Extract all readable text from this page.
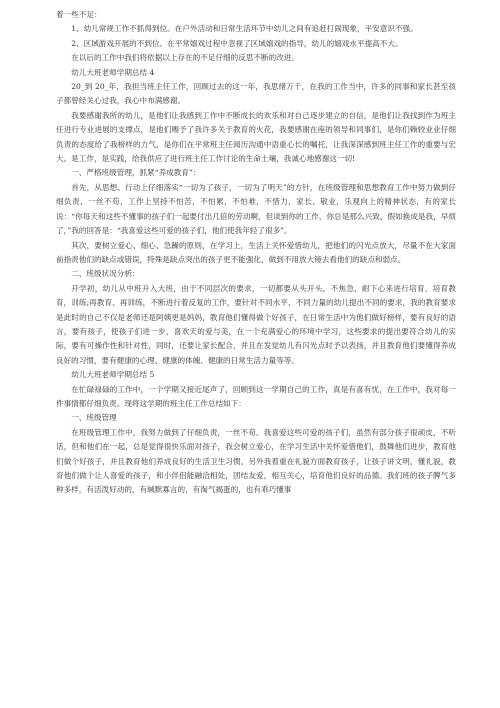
着一些不足：

1、幼儿常规工作不抓得到位。在户外活动和日常生活环节中幼儿之间有追赶打闹现象，平安意识不强。

2、区域游戏开展的不到位。在平常嬉戏过程中忽视了区域嬉戏的指导，幼儿的嬉戏水平提高不大。

在以后的工作中我们将依据以上存在的不足仔细的反思不断的改进。

幼儿大班老师学期总结 4

20_到 20_年，我担当班主任工作，回顾过去的这一年，我思绪万千，在我的工作当中，许多的同事和家长甚至孩子都曾经关心过我，我心中布满感谢。

我要感谢我所的幼儿，是他们让我感到工作中不断成长的欢乐和对自己逐步建立的自信，是他们让我找到作为班主任进行专业进展的支撑点，是他们赐予了我许多关于教育的火花，我要感谢在座的领导和同事们，是你们赖较业业仔细负责的态度给了我榜样的力气，是你们在平常班主任阅历沟通中语重心长的嘱托，让我深深感到班主任工作的重要与宏大。是工作，是实践，给我供应了进行班主任工作讨论的生命土壤，我诚心地感谢这一切!

一、严格班级管理，抓紧“养成教育”：

首先，从思想、行动上仔细落实“一切为了孩子，一切为了明天”的方针，在班级管理和思想教育工作中努力做到仔细负责、一丝不苟，工作上坚持不怕苦，不怕累，不怕难，不惜力，家长、敬业，乐观向上的精神状态，有的家长说：“你每天和这些不懂事的孩子们一起要付出几倍的劳动啊，但谈到你的工作，你总是那么兴致，假如换成是我，早烦了，”我的回答是：“我喜爱这些可爱的孩子们，他们使我年轻了很多”。

其次，要树立爱心、细心、急躁的原则，在学习上，生活上关怀爱惜幼儿，把他们的闪光点放大，尽量不在大家面前指责他们的缺点或错误，特殊是缺点突出的孩子更不能强化，做到不用放大镜去看他们的缺点和弱点。

二、班级状况分析：

开学初，幼儿从中班升入大班，由于不同层次的要求，一切都要从头开头，不焦急，耐下心来进行培育，培育教育，训练;再教育、再训练，不断进行着反复的工作，要针对不同水平、不同力量的幼儿提出不同的要求，我的教育要求是此时的自己不仅是老师还是阿姨更是妈妈，教育他们懂得做个好孩子，在日常生活中为他们做好榜样，要有良好的语言，要有孩子，使孩子们进一步，喜欢天的爱与美，在一个充满爱心的环境中学习，这些要求的提出要符合幼儿的实际，要有可操作性和针对性，同时，还要让家长配合，并且在发觉幼儿有闪光点时予以表扬，并且教育他们要懂得养成良好的习惯，要有健康的心理、健康的体魄、健康的日常生活力量等等。

幼儿大班老师学期总结 5

在忙碌禄碌的工作中，一个学期又接近尾声了，回顾到这一学期自己的工作，真是有喜有忧，在工作中，我对每一件事情都仔细负责。现将这学期的班主任工作总结如下：

一、班级管理

在班级管理工作中，我努力做到了仔细负责，一丝不苟。我喜爱这些可爱的孩子们，虽然有部分孩子很顽皮，不听话，但和他们在一起，总是觉得很快乐面对孩子，我会树立爱心，在学习生活中关怀爱惜他们，鼓舞他们进步，教育他们做个好孩子，并且教育他们养成良好的生活卫生习惯。另外我着重在礼貌方面教育孩子，让孩子讲文明，懂礼貌，教育他们做个让人喜爱的孩子，和小伴侣能融洽相处，团结友爱，相互关心，培育他们良好的品德。我们班的孩子脾气多种多样，有活泼好动的，有缄默寡言的，有淘气揭蛋的，也有乖巧懂事
